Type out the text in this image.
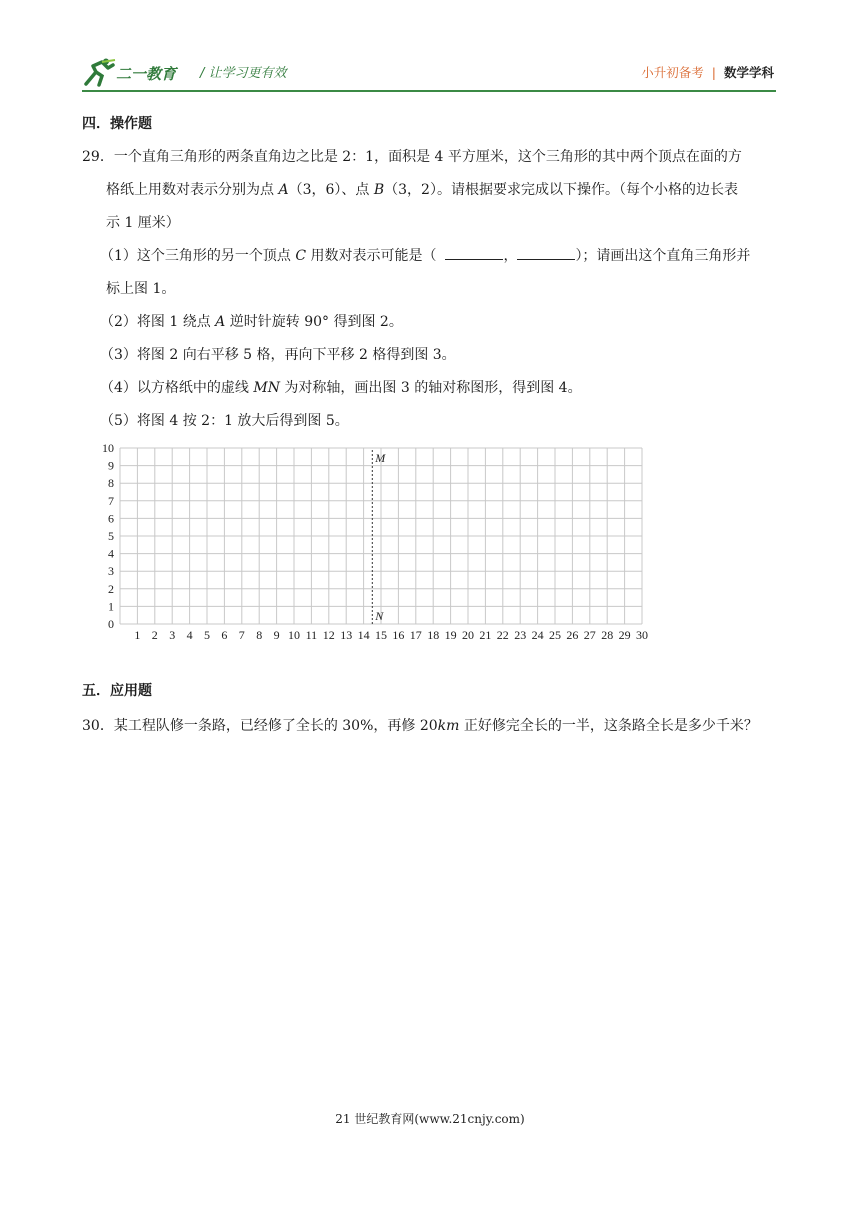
二一教育 / 让学习更有效	小升初备考 | 数学学科

四．操作题

29．一个直角三角形的两条直角边之比是 2：1，面积是 4 平方厘米，这个三角形的其中两个顶点在面的方

格纸上用数对表示分别为点 A（3，6）、点 B（3，2）。请根据要求完成以下操作。（每个小格的边长表

示 1 厘米）

（1）这个三角形的另一个顶点 C 用数对表示可能是（	，	）；请画出这个直角三角形并

标上图 1。

（2）将图 1 绕点 A 逆时针旋转 90° 得到图 2。

（3）将图 2 向右平移 5 格，再向下平移 2 格得到图 3。

（4）以方格纸中的虚线 MN 为对称轴，画出图 3 的轴对称图形，得到图 4。

（5）将图 4 按 2：1 放大后得到图 5。

1 2 3 4 5 6 7 8 9 10 11 12 13 14 15 16 17 18 19 20 21 22 23 24 25 26 27 28 29 30
0
1
2
3
4
5
6
7
8
9
10
M
N
五．应用题
30．某工程队修一条路，已经修了全长的 30%，再修 20km 正好修完全长的一半，这条路全长是多少千米？
21 世纪教育网(www.21cnjy.com)
